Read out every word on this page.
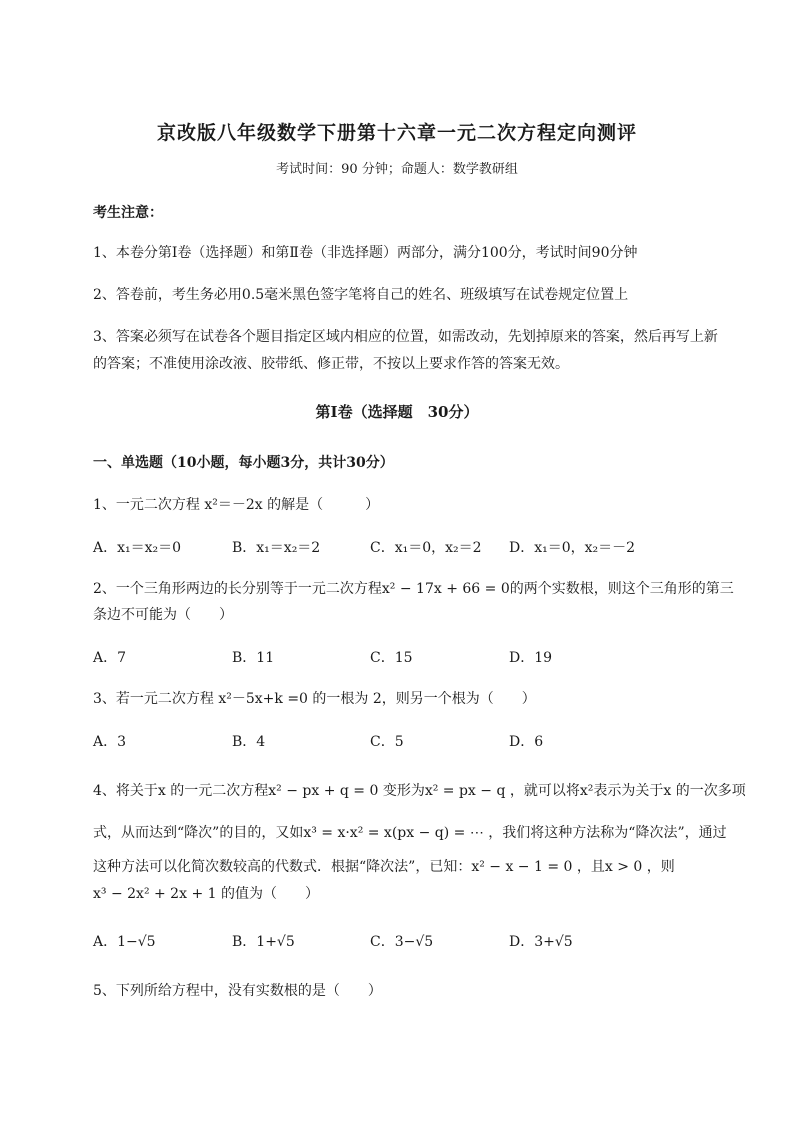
京改版八年级数学下册第十六章一元二次方程定向测评
考试时间：90 分钟；命题人：数学教研组
考生注意：
1、本卷分第Ⅰ卷（选择题）和第Ⅱ卷（非选择题）两部分，满分100分，考试时间90分钟
2、答卷前，考生务必用0.5毫米黑色签字笔将自己的姓名、班级填写在试卷规定位置上
3、答案必须写在试卷各个题目指定区域内相应的位置，如需改动，先划掉原来的答案，然后再写上新
的答案；不准使用涂改液、胶带纸、修正带，不按以上要求作答的答案无效。
第Ⅰ卷（选择题　30分）
一、单选题（10小题，每小题3分，共计30分）
1、一元二次方程 x²＝－2x 的解是（　　　）
A．x₁＝x₂＝0	B．x₁＝x₂＝2	C．x₁＝0，x₂＝2 D．x₁＝0，x₂＝－2
2、一个三角形两边的长分别等于一元二次方程x² − 17x + 66 = 0的两个实数根，则这个三角形的第三
条边不可能为（　　）
A．7	B．11	C．15	D．19
3、若一元二次方程 x²－5x+k =0 的一根为 2，则另一个根为（　　）
A．3	B．4	C．5	D．6
4、将关于x 的一元二次方程x² − px + q = 0 变形为x² = px − q ，就可以将x²表示为关于x 的一次多项
式，从而达到“降次”的目的，又如x³ = x·x² = x(px − q) = ⋯ ，我们将这种方法称为“降次法”，通过
这种方法可以化简次数较高的代数式．根据“降次法”，已知：x² − x − 1 = 0 ，且x > 0 ，则
x³ − 2x² + 2x + 1 的值为（　　）
A．1−√5	B．1+√5	C．3−√5	D．3+√5
5、下列所给方程中，没有实数根的是（　　）
